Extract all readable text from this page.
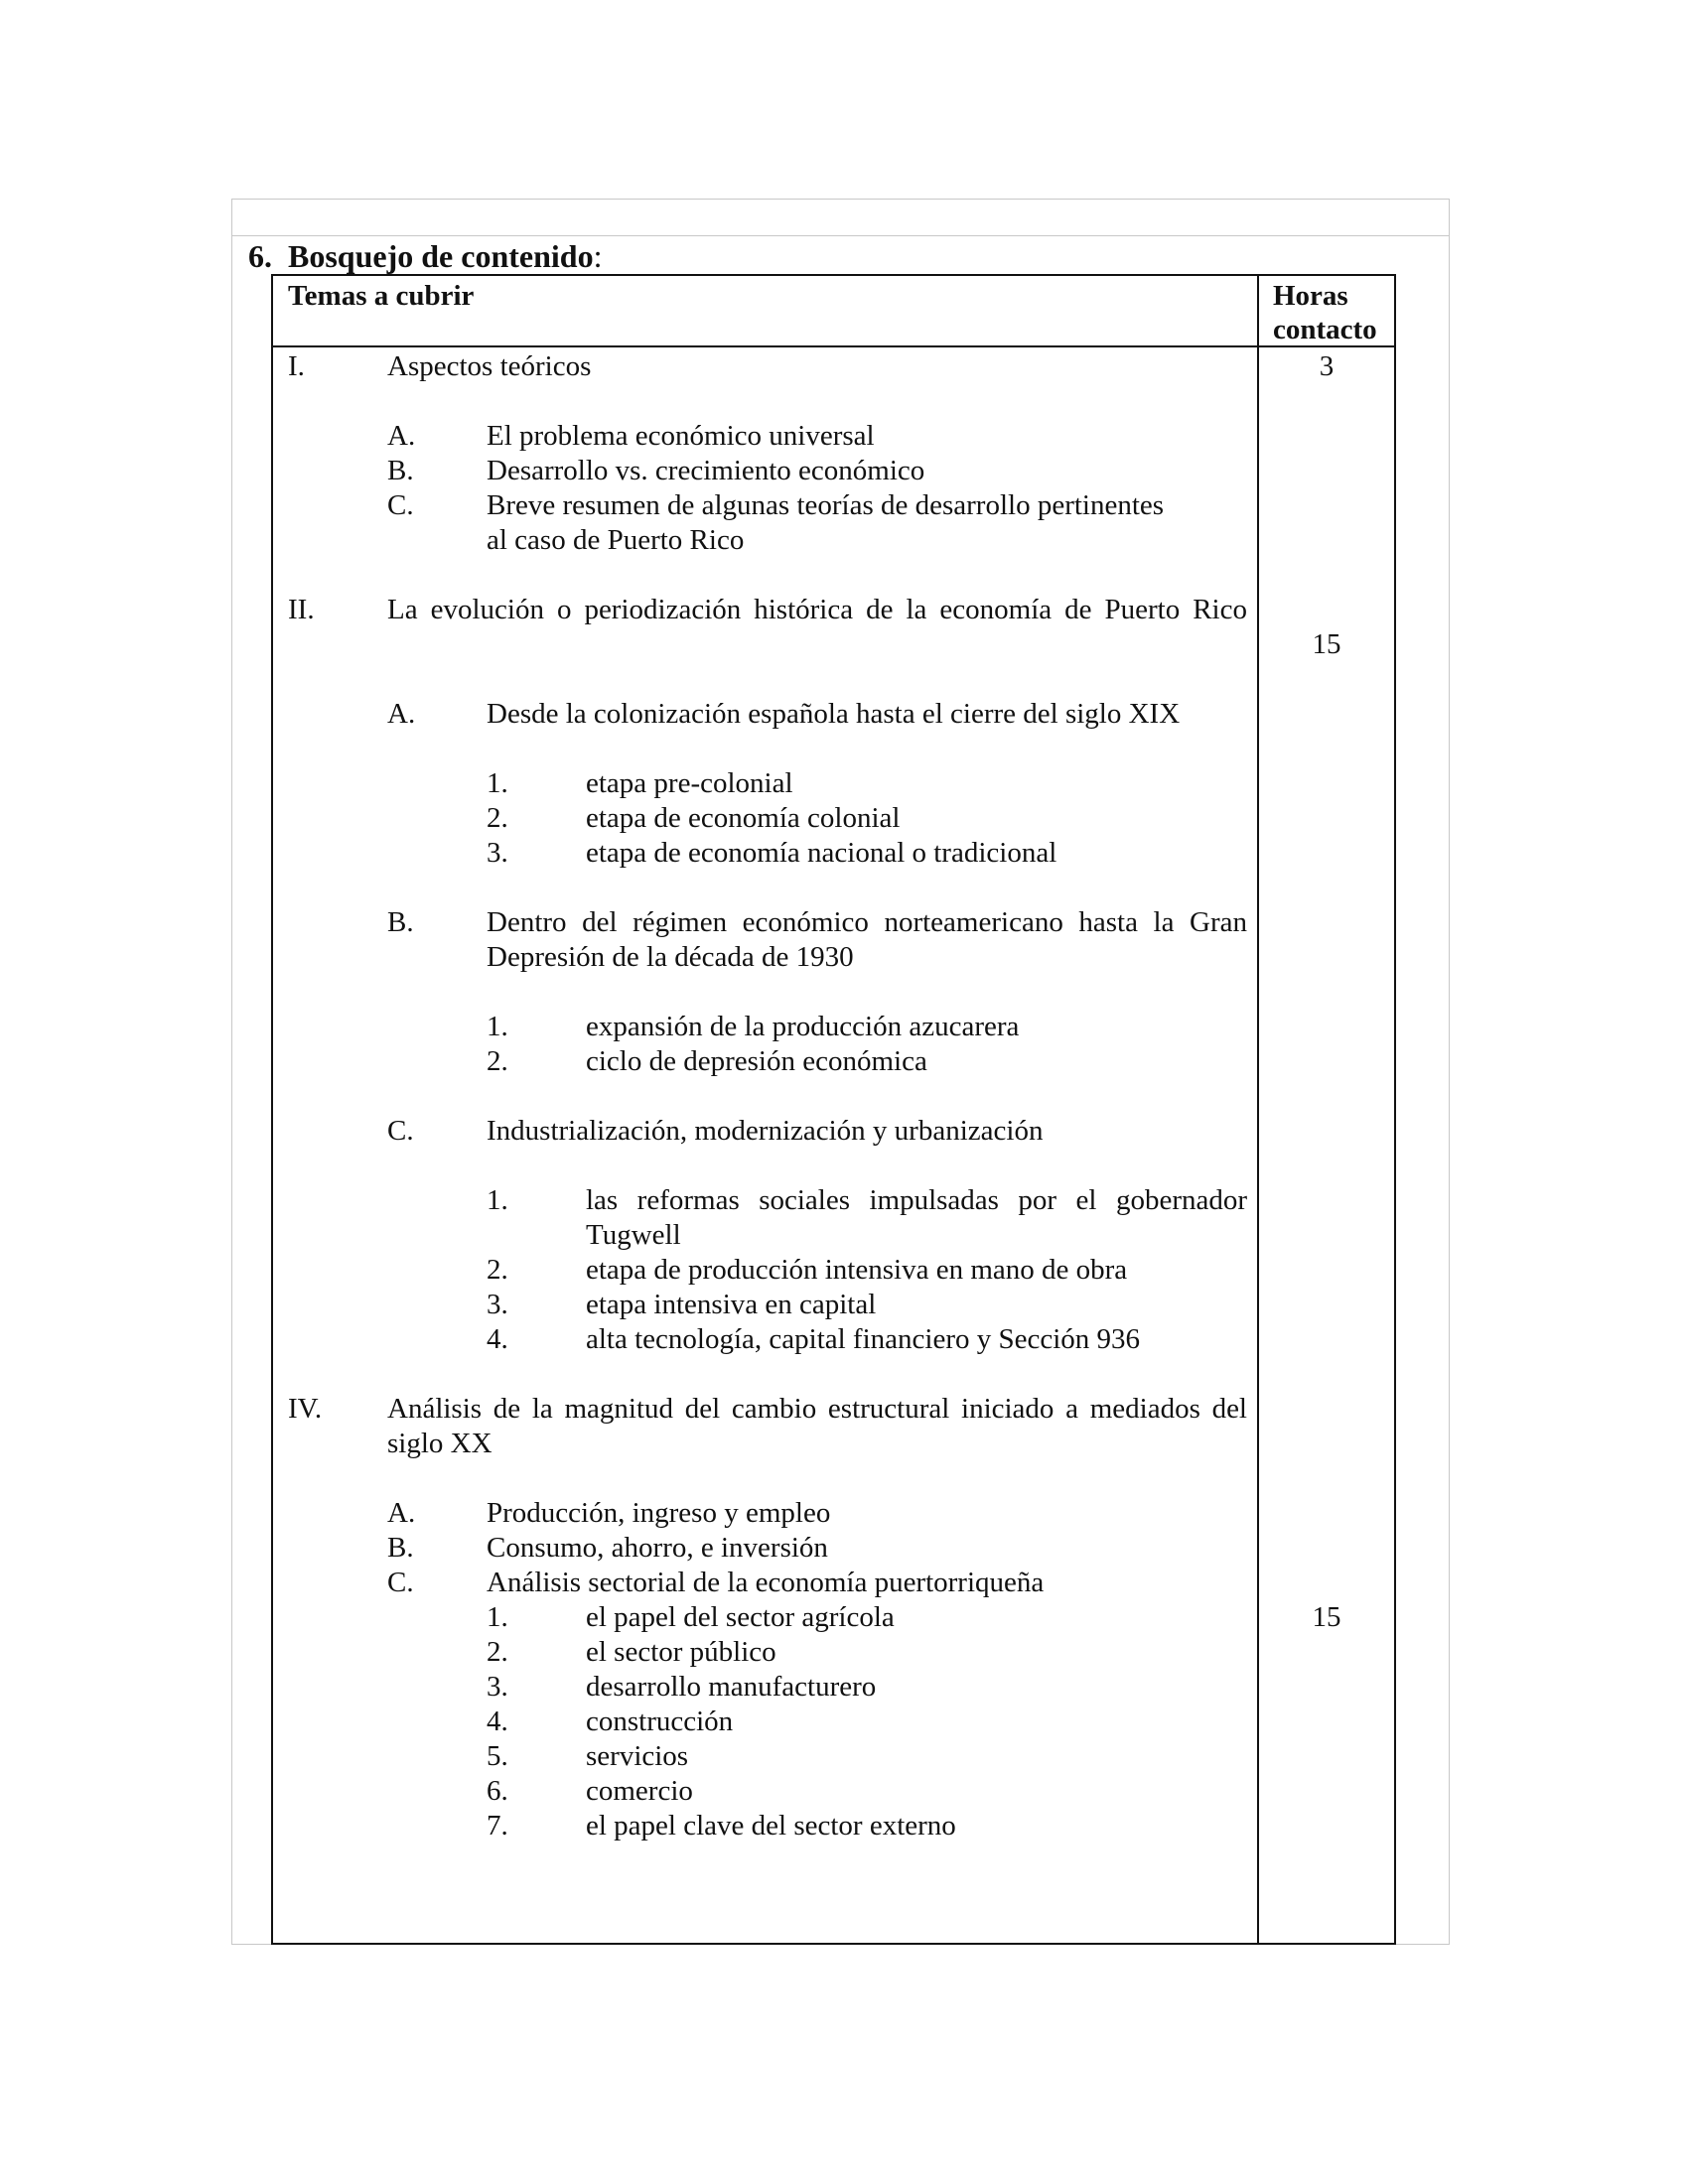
6. Bosquejo de contenido:
Temas a cubrir	Horas
contacto
I.	Aspectos teóricos	3
A. El problema económico universal
B.	Desarrollo vs. crecimiento económico
C.	Breve resumen de algunas teorías de desarrollo pertinentes
al caso de Puerto Rico
II.	La evolución o periodización histórica de la economía de Puerto Rico
15
A. Desde la colonización española hasta el cierre del siglo XIX
1.	etapa pre-colonial
2.	etapa de economía colonial
3.	etapa de economía nacional o tradicional
B.	Dentro del régimen económico norteamericano hasta la Gran
Depresión de la década de 1930
1.	expansión de la producción azucarera
2.	ciclo de depresión económica
C.	Industrialización, modernización y urbanización
1.	las reformas sociales impulsadas por el gobernador
Tugwell
2.	etapa de producción intensiva en mano de obra
3.	etapa intensiva en capital
4.	alta tecnología, capital financiero y Sección 936
IV. Análisis de la magnitud del cambio estructural iniciado a mediados del
siglo XX
A. Producción, ingreso y empleo
B.	Consumo, ahorro, e inversión
C.	Análisis sectorial de la economía puertorriqueña
1.	el papel del sector agrícola	15
2.	el sector público
3.	desarrollo manufacturero
4.	construcción
5.	servicios
6.	comercio
7.	el papel clave del sector externo
